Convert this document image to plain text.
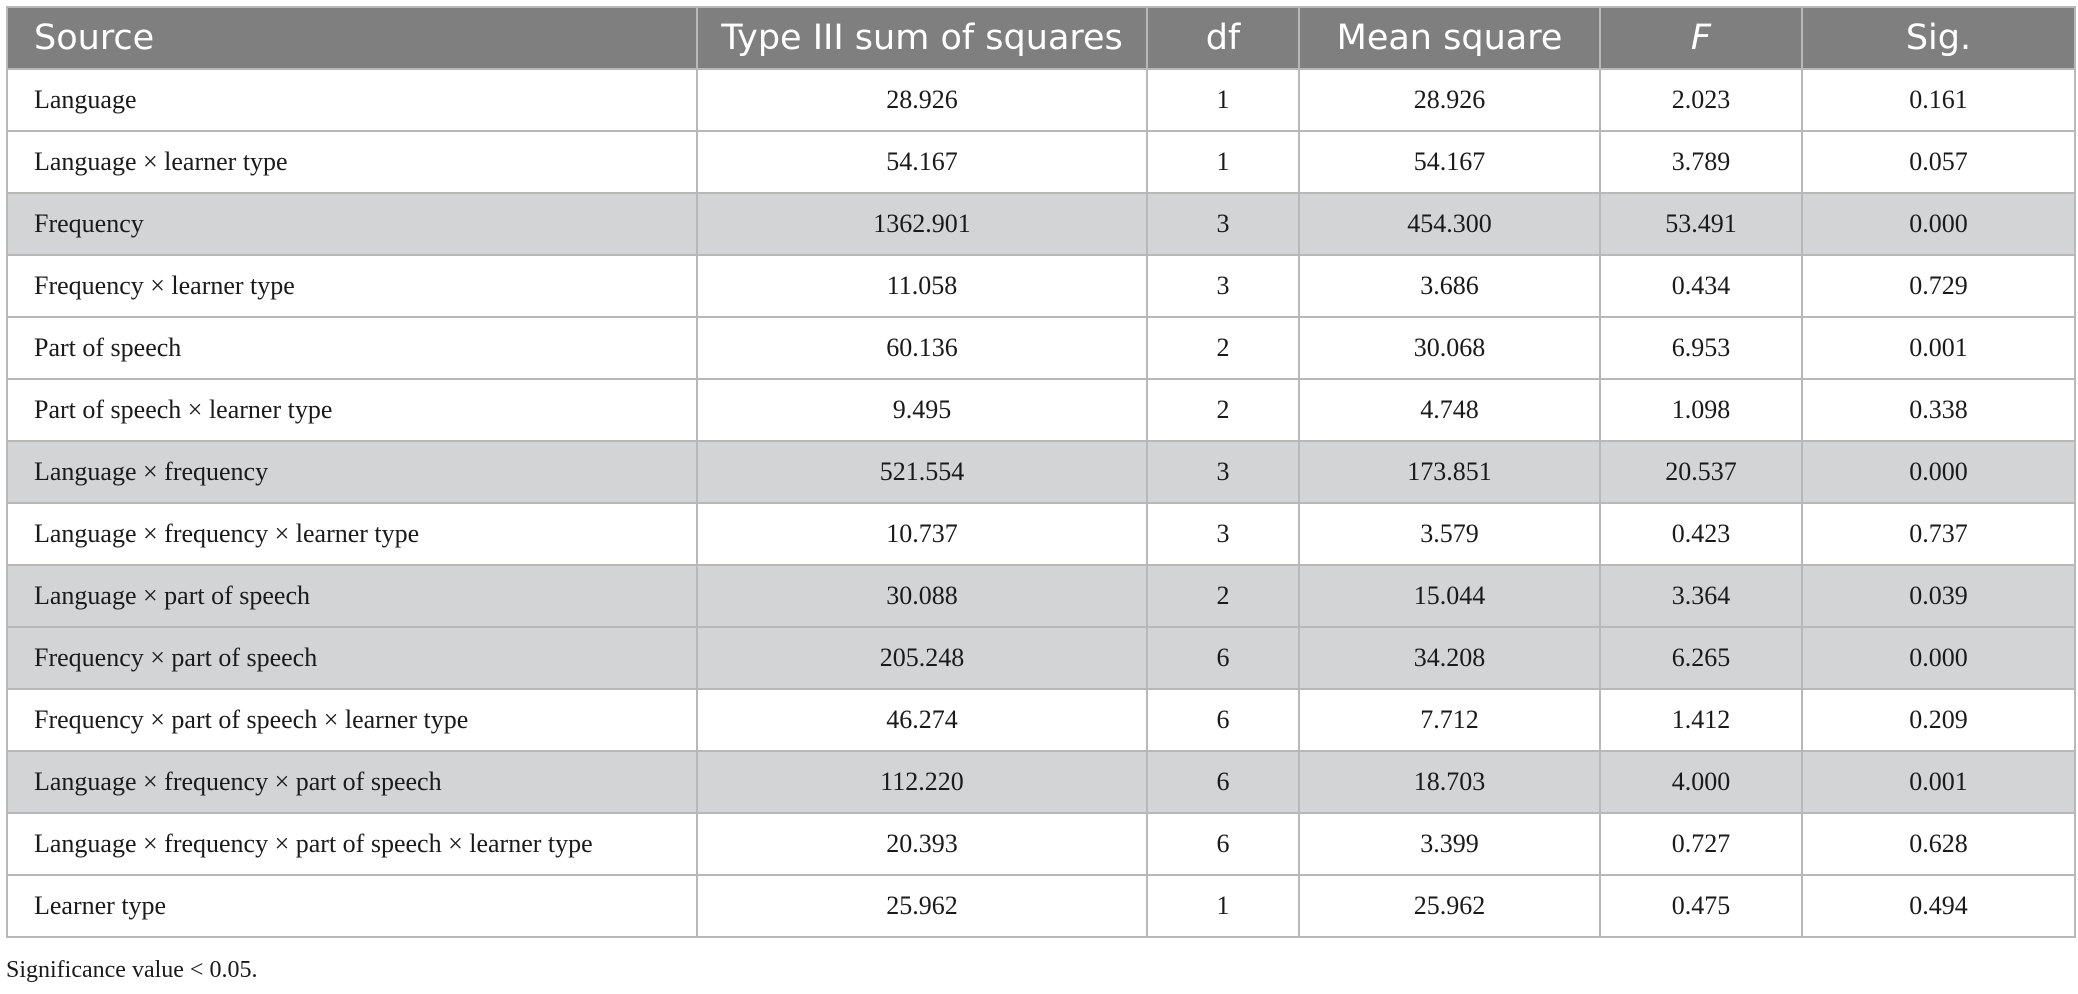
Source	Type III sum of squares	df	Mean square	F	Sig.
Language	28.926	1	28.926	2.023	0.161
Language × learner type	54.167	1	54.167	3.789	0.057
Frequency	1362.901	3	454.300	53.491	0.000
Frequency × learner type	11.058	3	3.686	0.434	0.729
Part of speech	60.136	2	30.068	6.953	0.001
Part of speech × learner type	9.495	2	4.748	1.098	0.338
Language × frequency	521.554	3	173.851	20.537	0.000
Language × frequency × learner type	10.737	3	3.579	0.423	0.737
Language × part of speech	30.088	2	15.044	3.364	0.039
Frequency × part of speech	205.248	6	34.208	6.265	0.000
Frequency × part of speech × learner type	46.274	6	7.712	1.412	0.209
Language × frequency × part of speech	112.220	6	18.703	4.000	0.001
Language × frequency × part of speech × learner type	20.393	6	3.399	0.727	0.628
Learner type	25.962	1	25.962	0.475	0.494
Significance value < 0.05.
